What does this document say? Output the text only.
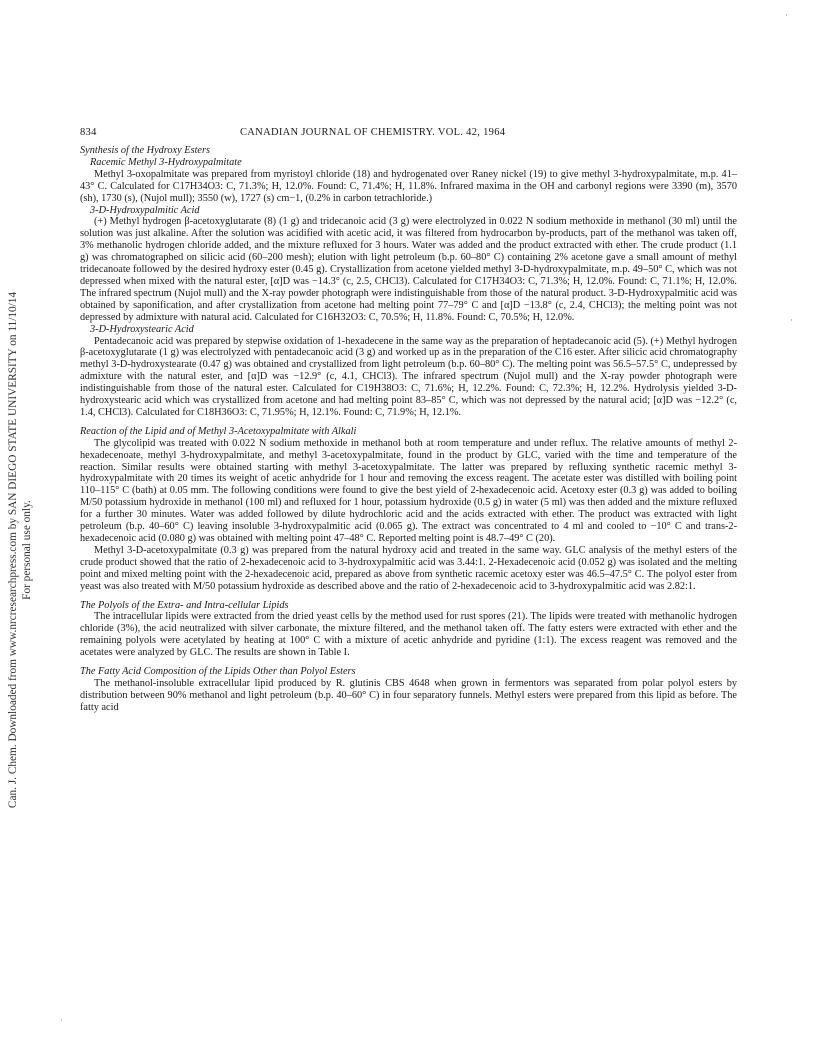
Can. J. Chem. Downloaded from www.nrcresearchpress.com by SAN DIEGO STATE UNIVERSITY on 11/10/14 For personal use only.
834	CANADIAN JOURNAL OF CHEMISTRY. VOL. 42, 1964
Synthesis of the Hydroxy Esters
Racemic Methyl 3-Hydroxypalmitate

Methyl 3-oxopalmitate was prepared from myristoyl chloride (18) and hydrogenated over Raney nickel (19) to give methyl 3-hydroxypalmitate, m.p. 41–43° C. Calculated for C17H34O3: C, 71.3%; H, 12.0%. Found: C, 71.4%; H, 11.8%. Infrared maxima in the OH and carbonyl regions were 3390 (m), 3570 (sh), 1730 (s), (Nujol mull); 3550 (w), 1727 (s) cm−1, (0.2% in carbon tetrachloride.)

3-D-Hydroxypalmitic Acid

(+) Methyl hydrogen β-acetoxyglutarate (8) (1 g) and tridecanoic acid (3 g) were electrolyzed in 0.022 N sodium methoxide in methanol (30 ml) until the solution was just alkaline. After the solution was acidified with acetic acid, it was filtered from hydrocarbon by-products, part of the methanol was taken off, 3% methanolic hydrogen chloride added, and the mixture refluxed for 3 hours. Water was added and the product extracted with ether. The crude product (1.1 g) was chromatographed on silicic acid (60–200 mesh); elution with light petroleum (b.p. 60–80° C) containing 2% acetone gave a small amount of methyl tridecanoate followed by the desired hydroxy ester (0.45 g). Crystallization from acetone yielded methyl 3-D-hydroxypalmitate, m.p. 49–50° C, which was not depressed when mixed with the natural ester, [α]D was −14.3° (c, 2.5, CHCl3). Calculated for C17H34O3: C, 71.3%; H, 12.0%. Found: C, 71.1%; H, 12.0%. The infrared spectrum (Nujol mull) and the X-ray powder photograph were indistinguishable from those of the natural product. 3-D-Hydroxypalmitic acid was obtained by saponification, and after crystallization from acetone had melting point 77–79° C and [α]D −13.8° (c, 2.4, CHCl3); the melting point was not depressed by admixture with natural acid. Calculated for C16H32O3: C, 70.5%; H, 11.8%. Found: C, 70.5%; H, 12.0%.

3-D-Hydroxystearic Acid

Pentadecanoic acid was prepared by stepwise oxidation of 1-hexadecene in the same way as the preparation of heptadecanoic acid (5). (+) Methyl hydrogen β-acetoxyglutarate (1 g) was electrolyzed with pentadecanoic acid (3 g) and worked up as in the preparation of the C16 ester. After silicic acid chromatography methyl 3-D-hydroxystearate (0.47 g) was obtained and crystallized from light petroleum (b.p. 60–80° C). The melting point was 56.5–57.5° C, undepressed by admixture with the natural ester, and [α]D was −12.9° (c, 4.1, CHCl3). The infrared spectrum (Nujol mull) and the X-ray powder photograph were indistinguishable from those of the natural ester. Calculated for C19H38O3: C, 71.6%; H, 12.2%. Found: C, 72.3%; H, 12.2%. Hydrolysis yielded 3-D-hydroxystearic acid which was crystallized from acetone and had melting point 83–85° C, which was not depressed by the natural acid; [α]D was −12.2° (c, 1.4, CHCl3). Calculated for C18H36O3: C, 71.95%; H, 12.1%. Found: C, 71.9%; H, 12.1%.

Reaction of the Lipid and of Methyl 3-Acetoxypalmitate with Alkali

The glycolipid was treated with 0.022 N sodium methoxide in methanol both at room temperature and under reflux. The relative amounts of methyl 2-hexadecenoate, methyl 3-hydroxypalmitate, and methyl 3-acetoxypalmitate, found in the product by GLC, varied with the time and temperature of the reaction. Similar results were obtained starting with methyl 3-acetoxypalmitate. The latter was prepared by refluxing synthetic racemic methyl 3-hydroxypalmitate with 20 times its weight of acetic anhydride for 1 hour and removing the excess reagent. The acetate ester was distilled with boiling point 110–115° C (bath) at 0.05 mm. The following conditions were found to give the best yield of 2-hexadecenoic acid. Acetoxy ester (0.3 g) was added to boiling M/50 potassium hydroxide in methanol (100 ml) and refluxed for 1 hour, potassium hydroxide (0.5 g) in water (5 ml) was then added and the mixture refluxed for a further 30 minutes. Water was added followed by dilute hydrochloric acid and the acids extracted with ether. The product was extracted with light petroleum (b.p. 40–60° C) leaving insoluble 3-hydroxypalmitic acid (0.065 g). The extract was concentrated to 4 ml and cooled to −10° C and trans-2-hexadecenoic acid (0.080 g) was obtained with melting point 47–48° C. Reported melting point is 48.7–49° C (20).

Methyl 3-D-acetoxypalmitate (0.3 g) was prepared from the natural hydroxy acid and treated in the same way. GLC analysis of the methyl esters of the crude product showed that the ratio of 2-hexadecenoic acid to 3-hydroxypalmitic acid was 3.44:1. 2-Hexadecenoic acid (0.052 g) was isolated and the melting point and mixed melting point with the 2-hexadecenoic acid, prepared as above from synthetic racemic acetoxy ester was 46.5–47.5° C. The polyol ester from yeast was also treated with M/50 potassium hydroxide as described above and the ratio of 2-hexadecenoic acid to 3-hydroxypalmitic acid was 2.82:1.

The Polyols of the Extra- and Intra-cellular Lipids

The intracellular lipids were extracted from the dried yeast cells by the method used for rust spores (21). The lipids were treated with methanolic hydrogen chloride (3%), the acid neutralized with silver carbonate, the mixture filtered, and the methanol taken off. The fatty esters were extracted with ether and the remaining polyols were acetylated by heating at 100° C with a mixture of acetic anhydride and pyridine (1:1). The excess reagent was removed and the acetates were analyzed by GLC. The results are shown in Table I.

The Fatty Acid Composition of the Lipids Other than Polyol Esters

The methanol-insoluble extracellular lipid produced by R. glutinis CBS 4648 when grown in fermentors was separated from polar polyol esters by distribution between 90% methanol and light petroleum (b.p. 40–60° C) in four separatory funnels. Methyl esters were prepared from this lipid as before. The fatty acid

·
·
·
